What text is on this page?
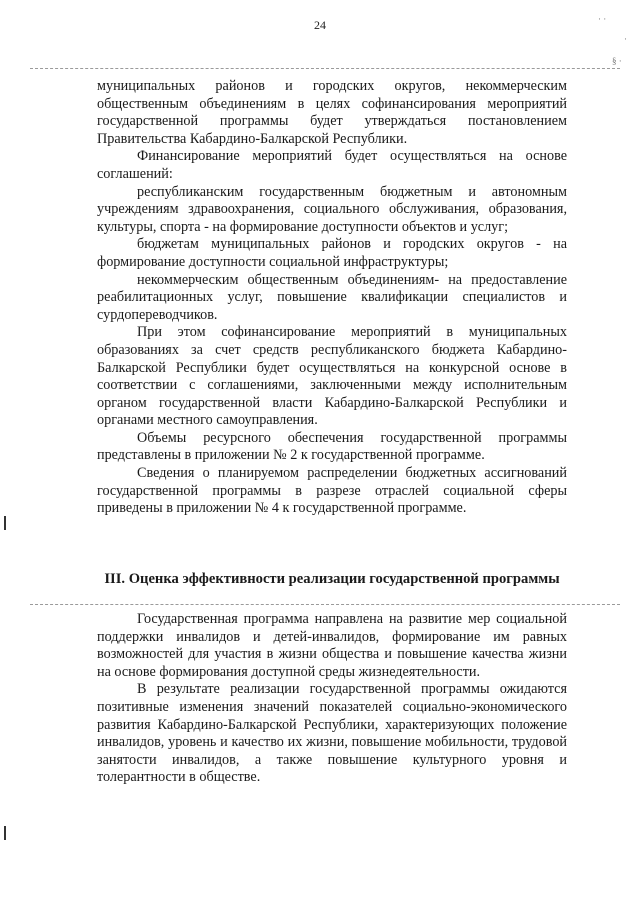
24	· ·
·
§ ·

муниципальных районов и городских округов, некоммерческим общественным объединениям в целях софинансирования мероприятий государственной программы будет утверждаться постановлением Правительства Кабардино-Балкарской Республики.

Финансирование мероприятий будет осуществляться на основе соглашений:

республиканским государственным бюджетным и автономным учреждениям здравоохранения, социального обслуживания, образования, культуры, спорта - на формирование доступности объектов и услуг;

бюджетам муниципальных районов и городских округов - на формирование доступности социальной инфраструктуры;

некоммерческим общественным объединениям- на предоставление реабилитационных услуг, повышение квалификации специалистов и сурдопереводчиков.

При этом софинансирование мероприятий в муниципальных образованиях за счет средств республиканского бюджета Кабардино-Балкарской Республики будет осуществляться на конкурсной основе в соответствии с соглашениями, заключенными между исполнительным органом государственной власти Кабардино-Балкарской Республики и органами местного самоуправления.

Объемы ресурсного обеспечения государственной программы представлены в приложении № 2 к государственной программе.

Сведения о планируемом распределении бюджетных ассигнований государственной программы в разрезе отраслей социальной сферы приведены в приложении № 4 к государственной программе.

III. Оценка эффективности реализации государственной программы

Государственная программа направлена на развитие мер социальной поддержки инвалидов и детей-инвалидов, формирование им равных возможностей для участия в жизни общества и повышение качества жизни на основе формирования доступной среды жизнедеятельности.

В результате реализации государственной программы ожидаются позитивные изменения значений показателей социально-экономического развития Кабардино-Балкарской Республики, характеризующих положение инвалидов, уровень и качество их жизни, повышение мобильности, трудовой занятости инвалидов, а также повышение культурного уровня и толерантности в обществе.
